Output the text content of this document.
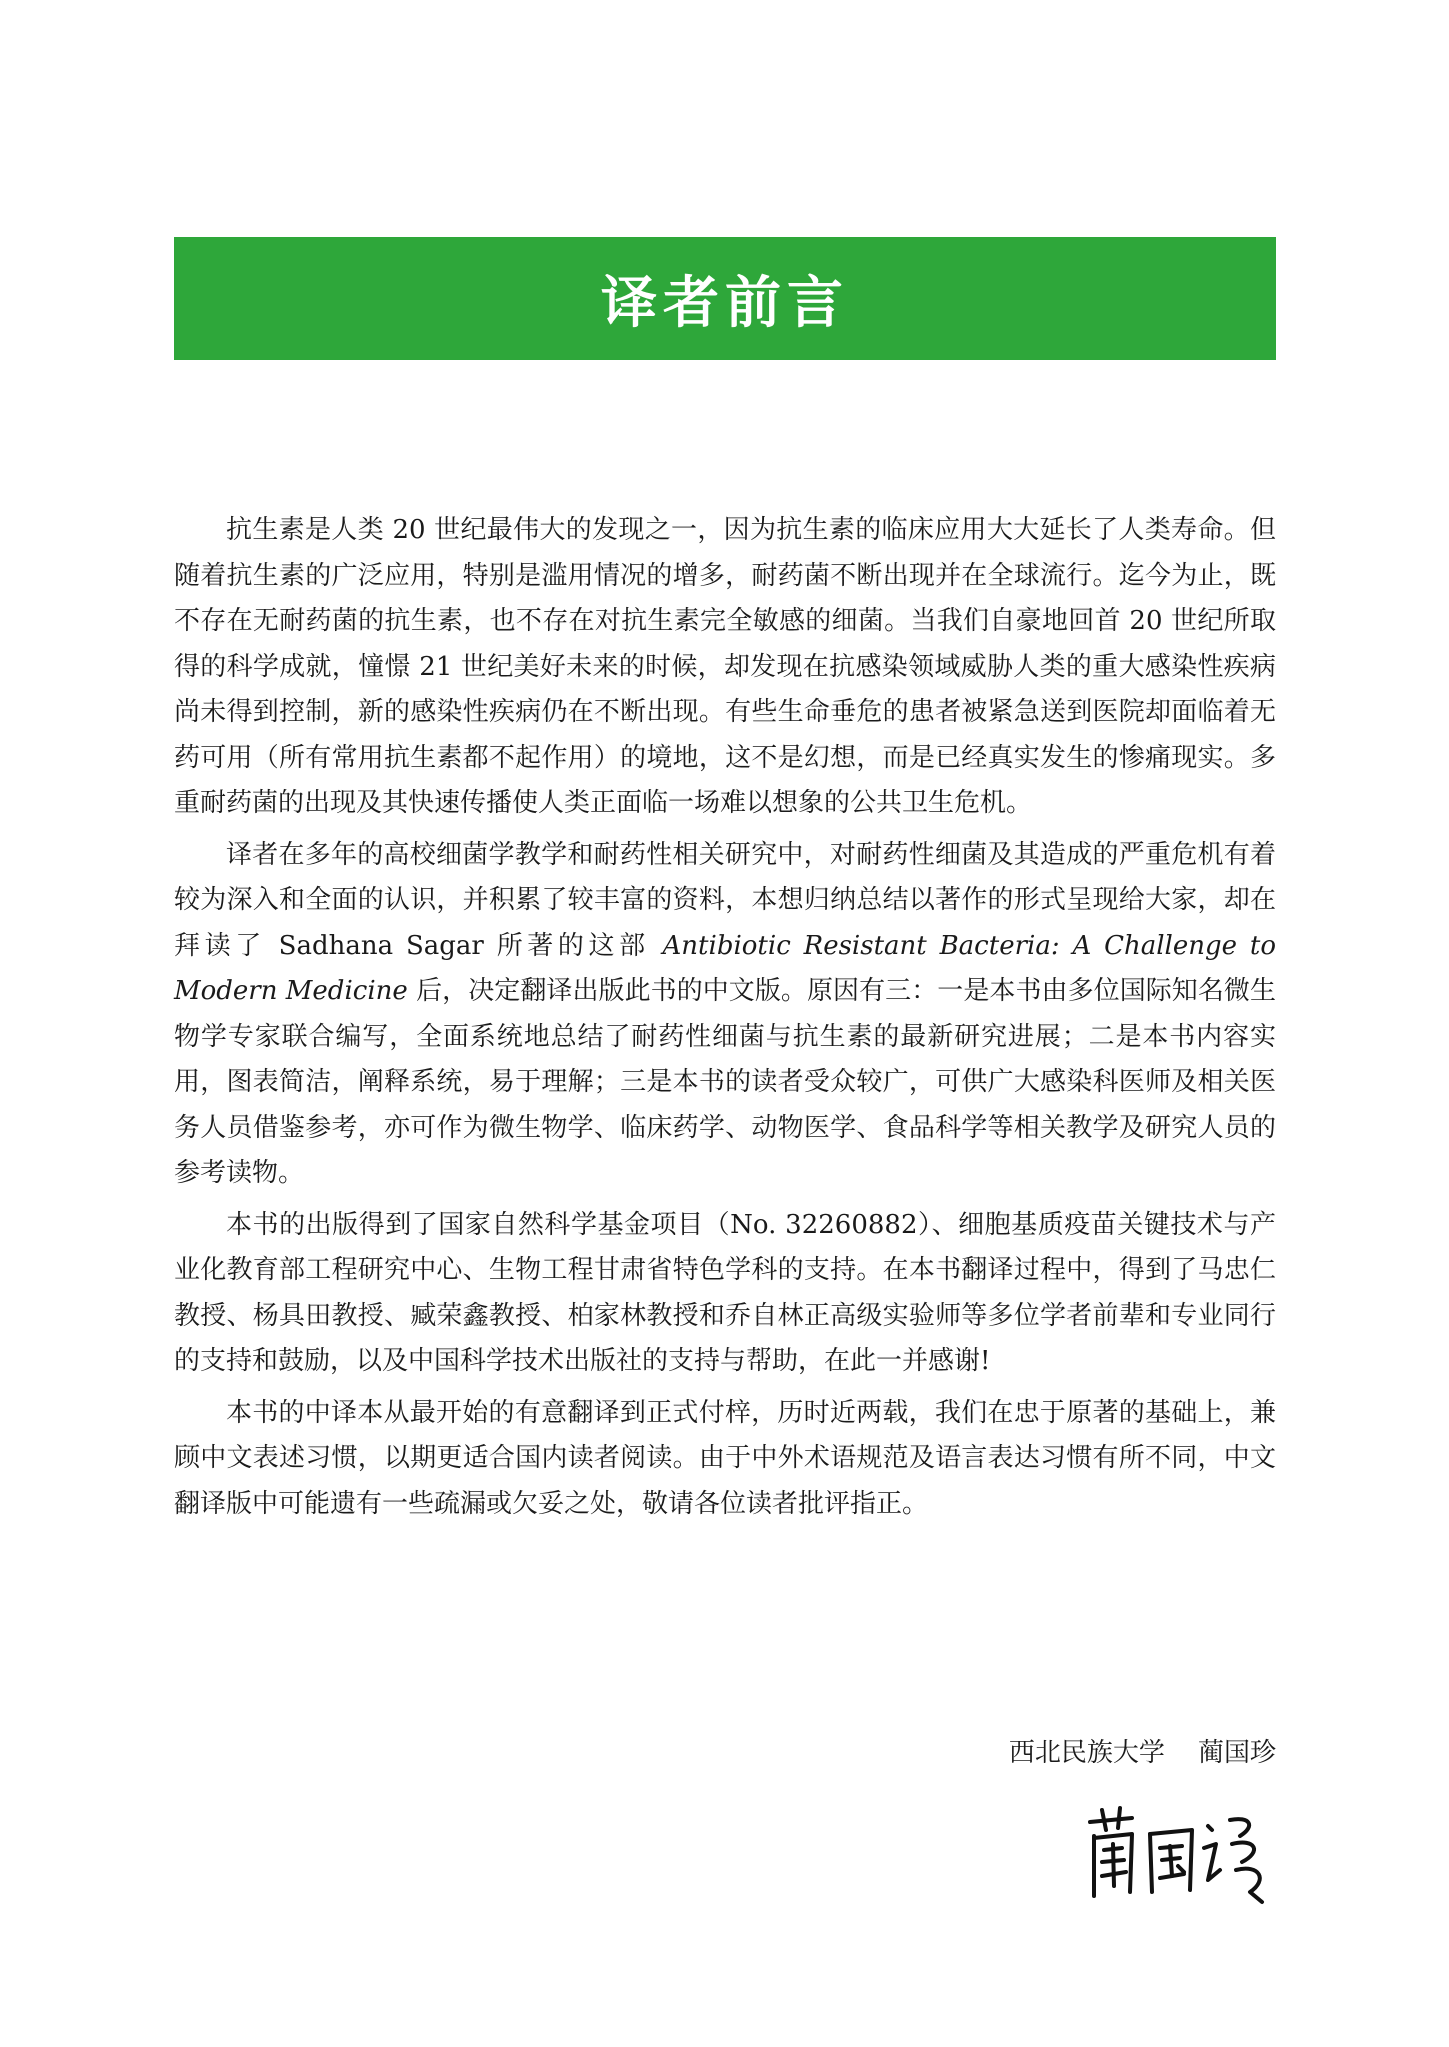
译者前言

抗生素是人类 20 世纪最伟大的发现之一，因为抗生素的临床应用大大延长了人类寿命。但随着抗生素的广泛应用，特别是滥用情况的增多，耐药菌不断出现并在全球流行。迄今为止，既不存在无耐药菌的抗生素，也不存在对抗生素完全敏感的细菌。当我们自豪地回首 20 世纪所取得的科学成就，憧憬 21 世纪美好未来的时候，却发现在抗感染领域威胁人类的重大感染性疾病尚未得到控制，新的感染性疾病仍在不断出现。有些生命垂危的患者被紧急送到医院却面临着无药可用（所有常用抗生素都不起作用）的境地，这不是幻想，而是已经真实发生的惨痛现实。多重耐药菌的出现及其快速传播使人类正面临一场难以想象的公共卫生危机。

译者在多年的高校细菌学教学和耐药性相关研究中，对耐药性细菌及其造成的严重危机有着较为深入和全面的认识，并积累了较丰富的资料，本想归纳总结以著作的形式呈现给大家，却在拜读了 Sadhana Sagar 所著的这部 Antibiotic Resistant Bacteria: A Challenge to Modern Medicine 后，决定翻译出版此书的中文版。原因有三：一是本书由多位国际知名微生物学专家联合编写，全面系统地总结了耐药性细菌与抗生素的最新研究进展；二是本书内容实用，图表简洁，阐释系统，易于理解；三是本书的读者受众较广，可供广大感染科医师及相关医务人员借鉴参考，亦可作为微生物学、临床药学、动物医学、食品科学等相关教学及研究人员的参考读物。

本书的出版得到了国家自然科学基金项目（No. 32260882）、细胞基质疫苗关键技术与产业化教育部工程研究中心、生物工程甘肃省特色学科的支持。在本书翻译过程中，得到了马忠仁教授、杨具田教授、臧荣鑫教授、柏家林教授和乔自林正高级实验师等多位学者前辈和专业同行的支持和鼓励，以及中国科学技术出版社的支持与帮助，在此一并感谢!

本书的中译本从最开始的有意翻译到正式付梓，历时近两载，我们在忠于原著的基础上，兼顾中文表述习惯，以期更适合国内读者阅读。由于中外术语规范及语言表达习惯有所不同，中文翻译版中可能遗有一些疏漏或欠妥之处，敬请各位读者批评指正。

西北民族大学 蔺国珍
